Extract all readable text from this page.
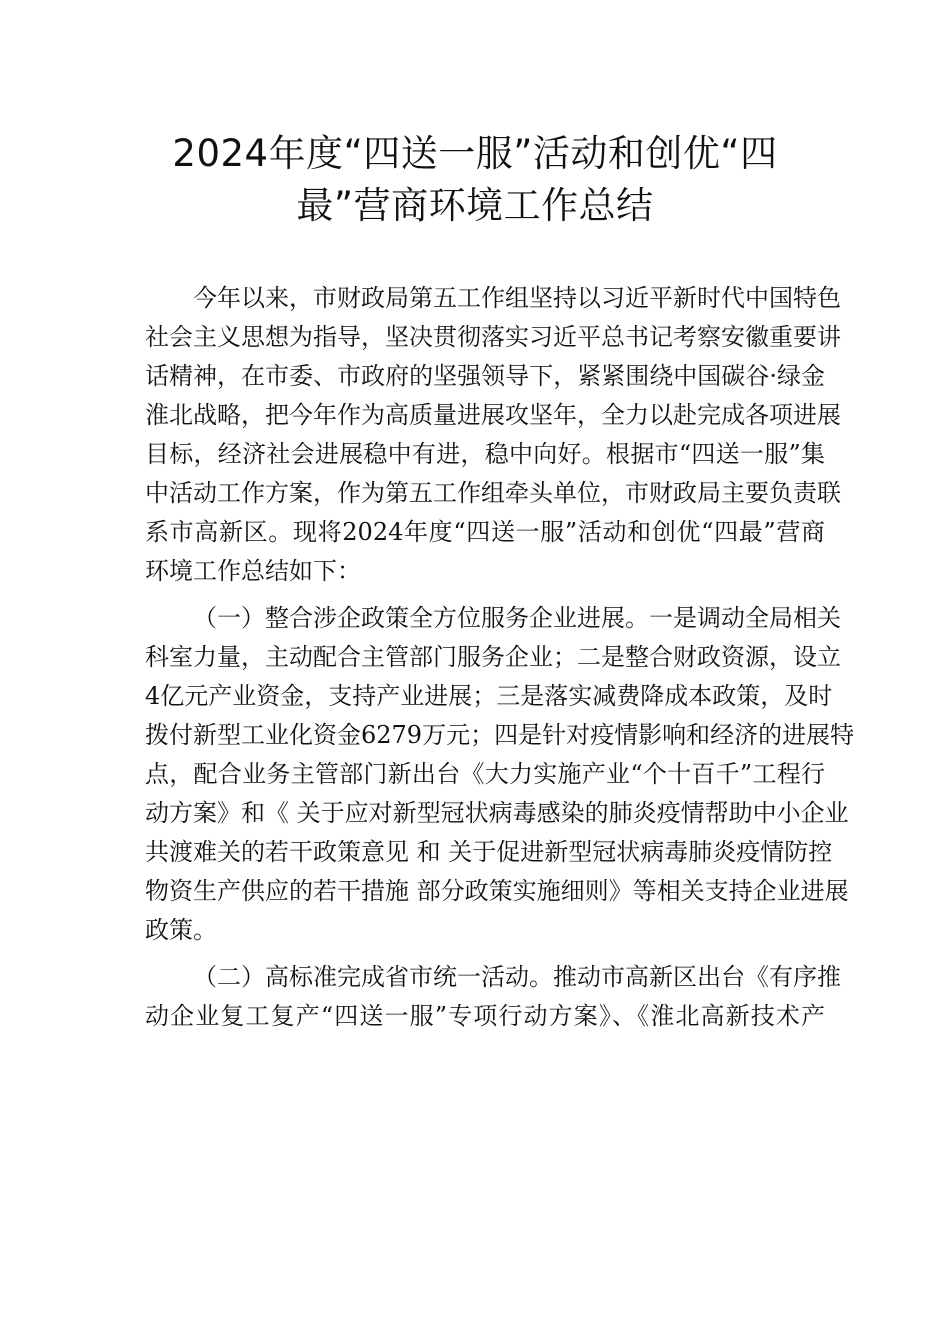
2024年度“四送一服”活动和创优“四
最”营商环境工作总结
今年以来，市财政局第五工作组坚持以习近平新时代中国特色
社会主义思想为指导，坚决贯彻落实习近平总书记考察安徽重要讲
话精神，在市委、市政府的坚强领导下，紧紧围绕中国碳谷·绿金
淮北战略，把今年作为高质量进展攻坚年，全力以赴完成各项进展
目标，经济社会进展稳中有进，稳中向好。根据市“四送一服”集
中活动工作方案，作为第五工作组牵头单位，市财政局主要负责联
系市高新区。现将2024年度“四送一服”活动和创优“四最”营商
环境工作总结如下：
（一）整合涉企政策全方位服务企业进展。一是调动全局相关
科室力量，主动配合主管部门服务企业；二是整合财政资源，设立
4亿元产业资金，支持产业进展；三是落实减费降成本政策，及时
拨付新型工业化资金6279万元；四是针对疫情影响和经济的进展特
点，配合业务主管部门新出台《大力实施产业“个十百千”工程行
动方案》和《 关于应对新型冠状病毒感染的肺炎疫情帮助中小企业
共渡难关的若干政策意见 和 关于促进新型冠状病毒肺炎疫情防控
物资生产供应的若干措施 部分政策实施细则》等相关支持企业进展
政策。
（二）高标准完成省市统一活动。推动市高新区出台《有序推
动企业复工复产“四送一服”专项行动方案》、《淮北高新技术产
